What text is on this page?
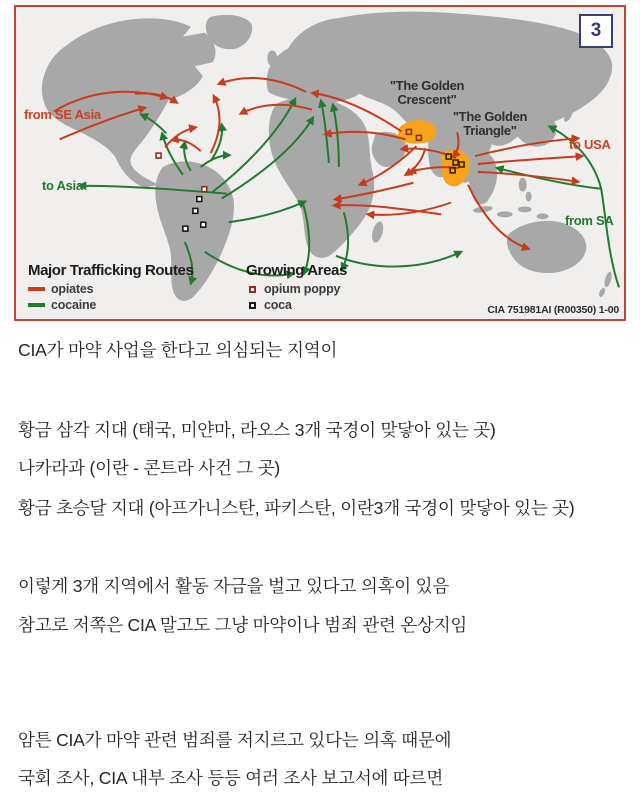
from SE Asia
to Asia
"The Golden Crescent"
"The Golden Triangle"
to USA
from SA
3
Major Trafficking Routes
opiates
cocaine
Growing Areas
opium poppy
coca	CIA 751981AI (R00350) 1-00
CIA가 마약 사업을 한다고 의심되는 지역이
황금 삼각 지대 (태국, 미얀마, 라오스 3개 국경이 맞닿아 있는 곳)
나카라과 (이란 - 콘트라 사건 그 곳)
황금 초승달 지대 (아프가니스탄, 파키스탄, 이란3개 국경이 맞닿아 있는 곳)
이렇게 3개 지역에서 활동 자금을 벌고 있다고 의혹이 있음
참고로 저쪽은 CIA 말고도 그냥 마약이나 범죄 관련 온상지임
암튼 CIA가 마약 관련 범죄를 저지르고 있다는 의혹 때문에
국회 조사, CIA 내부 조사 등등 여러 조사 보고서에 따르면
